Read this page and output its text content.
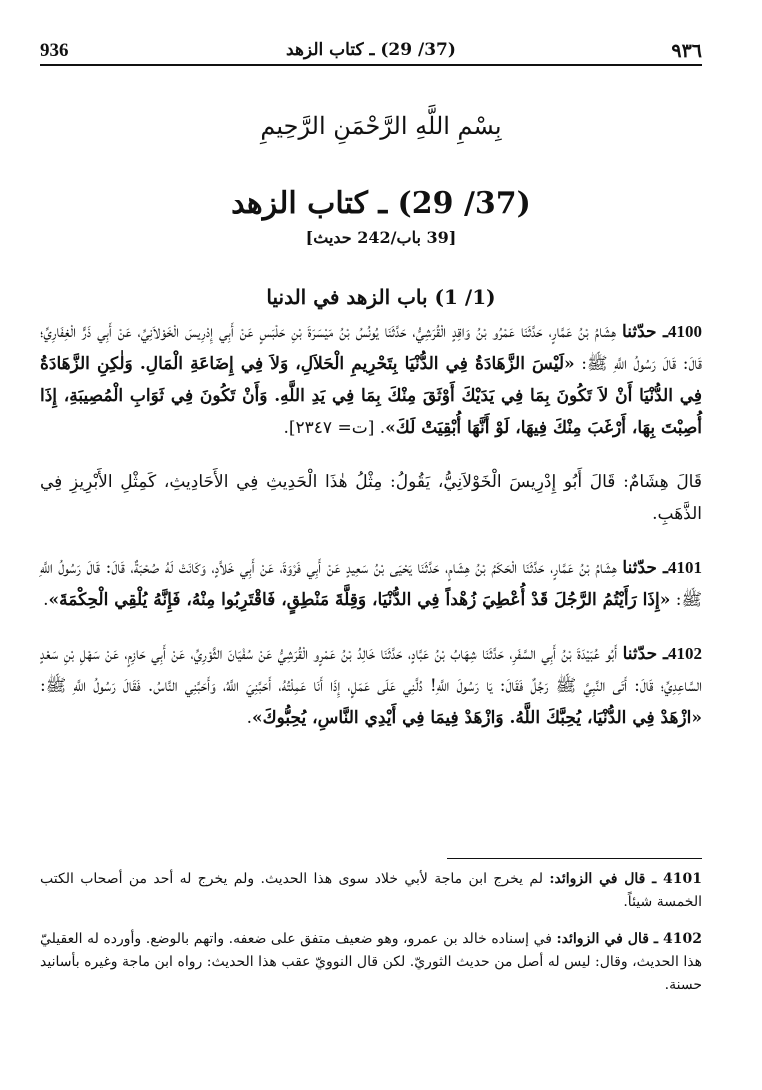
٩٣٦
(37/ 29) ـ كتاب الزهد
936
بِسْمِ اللَّهِ الرَّحْمَنِ الرَّحِيمِ
(37/ 29) ـ كتاب الزهد
[39 باب/242 حديث]
(1/ 1) باب الزهد في الدنيا

4100ـ حدّثنا هِشَامُ بْنُ عَمَّارٍ، حَدَّثَنَا عَمْرُو بْنُ وَاقِدٍ الْقُرَشِيُّ، حَدَّثَنَا يُونُسُ بْنُ مَيْسَرَةَ بْنِ حَلْبَسٍ عَنْ أَبِي إِدْرِيسَ الْخَوْلاَنِيِّ، عَنْ أَبِي ذَرٍّ الْغِفَارِيِّ؛ قَالَ: قَالَ رَسُولُ اللَّهِ ﷺ: «لَيْسَ الزَّهَادَةُ فِي الدُّنْيَا بِتَحْرِيمِ الْحَلاَلِ، وَلاَ فِي إِضَاعَةِ الْمَالِ. وَلٰكِنِ الزَّهَادَةُ فِي الدُّنْيَا أَنْ لاَ تَكُونَ بِمَا فِي يَدَيْكَ أَوْثَقَ مِنْكَ بِمَا فِي يَدِ اللَّهِ. وَأَنْ تَكُونَ فِي ثَوَابِ الْمُصِيبَةِ، إِذَا أُصِبْتَ بِهَا، أَرْغَبَ مِنْكَ فِيهَا، لَوْ أَنَّهَا أُبْقِيَتْ لَكَ». [ت= ٢٣٤٧].

قَالَ هِشَامٌ: قَالَ أَبُو إِدْرِيسَ الْخَوْلاَنِيُّ، يَقُولُ: مِثْلُ هٰذَا الْحَدِيثِ فِي الأَحَادِيثِ، كَمِثْلِ الأَبْرِيزِ فِي الذَّهَبِ.

4101ـ حدّثنا هِشَامُ بْنُ عَمَّارٍ، حَدَّثَنَا الْحَكَمُ بْنُ هِشَامٍ، حَدَّثَنَا يَحْيَى بْنُ سَعِيدٍ عَنْ أَبِي فَرْوَةَ، عَنْ أَبِي خَلاَّدٍ، وَكَانَتْ لَهُ صُحْبَةٌ، قَالَ: قَالَ رَسُولُ اللَّهِ ﷺ: «إِذَا رَأَيْتُمُ الرَّجُلَ قَدْ أُعْطِيَ زُهْداً فِي الدُّنْيَا، وَقِلَّةَ مَنْطِقٍ، فَاقْتَرِبُوا مِنْهُ، فَإِنَّهُ يُلْقِي الْحِكْمَةَ».

4102ـ حدّثنا أَبُو عُبَيْدَةَ بْنُ أَبِي السَّفَرِ، حَدَّثَنَا شِهَابُ بْنُ عَبَّادٍ، حَدَّثَنَا خَالِدُ بْنُ عَمْرٍو الْقُرَشِيُّ عَنْ سُفْيَانَ الثَّوْرِيِّ، عَنْ أَبِي حَازِمٍ، عَنْ سَهْلِ بْنِ سَعْدٍ السَّاعِدِيِّ؛ قَالَ: أَتَى النَّبِيَّ ﷺ رَجُلٌ فَقَالَ: يَا رَسُولَ اللَّهِ! دُلَّنِي عَلَى عَمَلٍ، إِذَا أَنَا عَمِلْتُهُ، أَحَبَّنِيَ اللَّهُ، وَأَحَبَّنِي النَّاسُ. فَقَالَ رَسُولُ اللَّهِ ﷺ: «ازْهَدْ فِي الدُّنْيَا، يُحِبَّكَ اللَّهُ. وَازْهَدْ فِيمَا فِي أَيْدِي النَّاسِ، يُحِبُّوكَ».

4101 ـ قال في الزوائد: لم يخرج ابن ماجة لأبي خلاد سوى هذا الحديث. ولم يخرج له أحد من أصحاب الكتب الخمسة شيئاً.

4102 ـ قال في الزوائد: في إسناده خالد بن عمرو، وهو ضعيف متفق على ضعفه. واتهم بالوضع. وأورده له العقيليّ هذا الحديث، وقال: ليس له أصل من حديث الثوريّ. لكن قال النوويّ عقب هذا الحديث: رواه ابن ماجة وغيره بأسانيد حسنة.
